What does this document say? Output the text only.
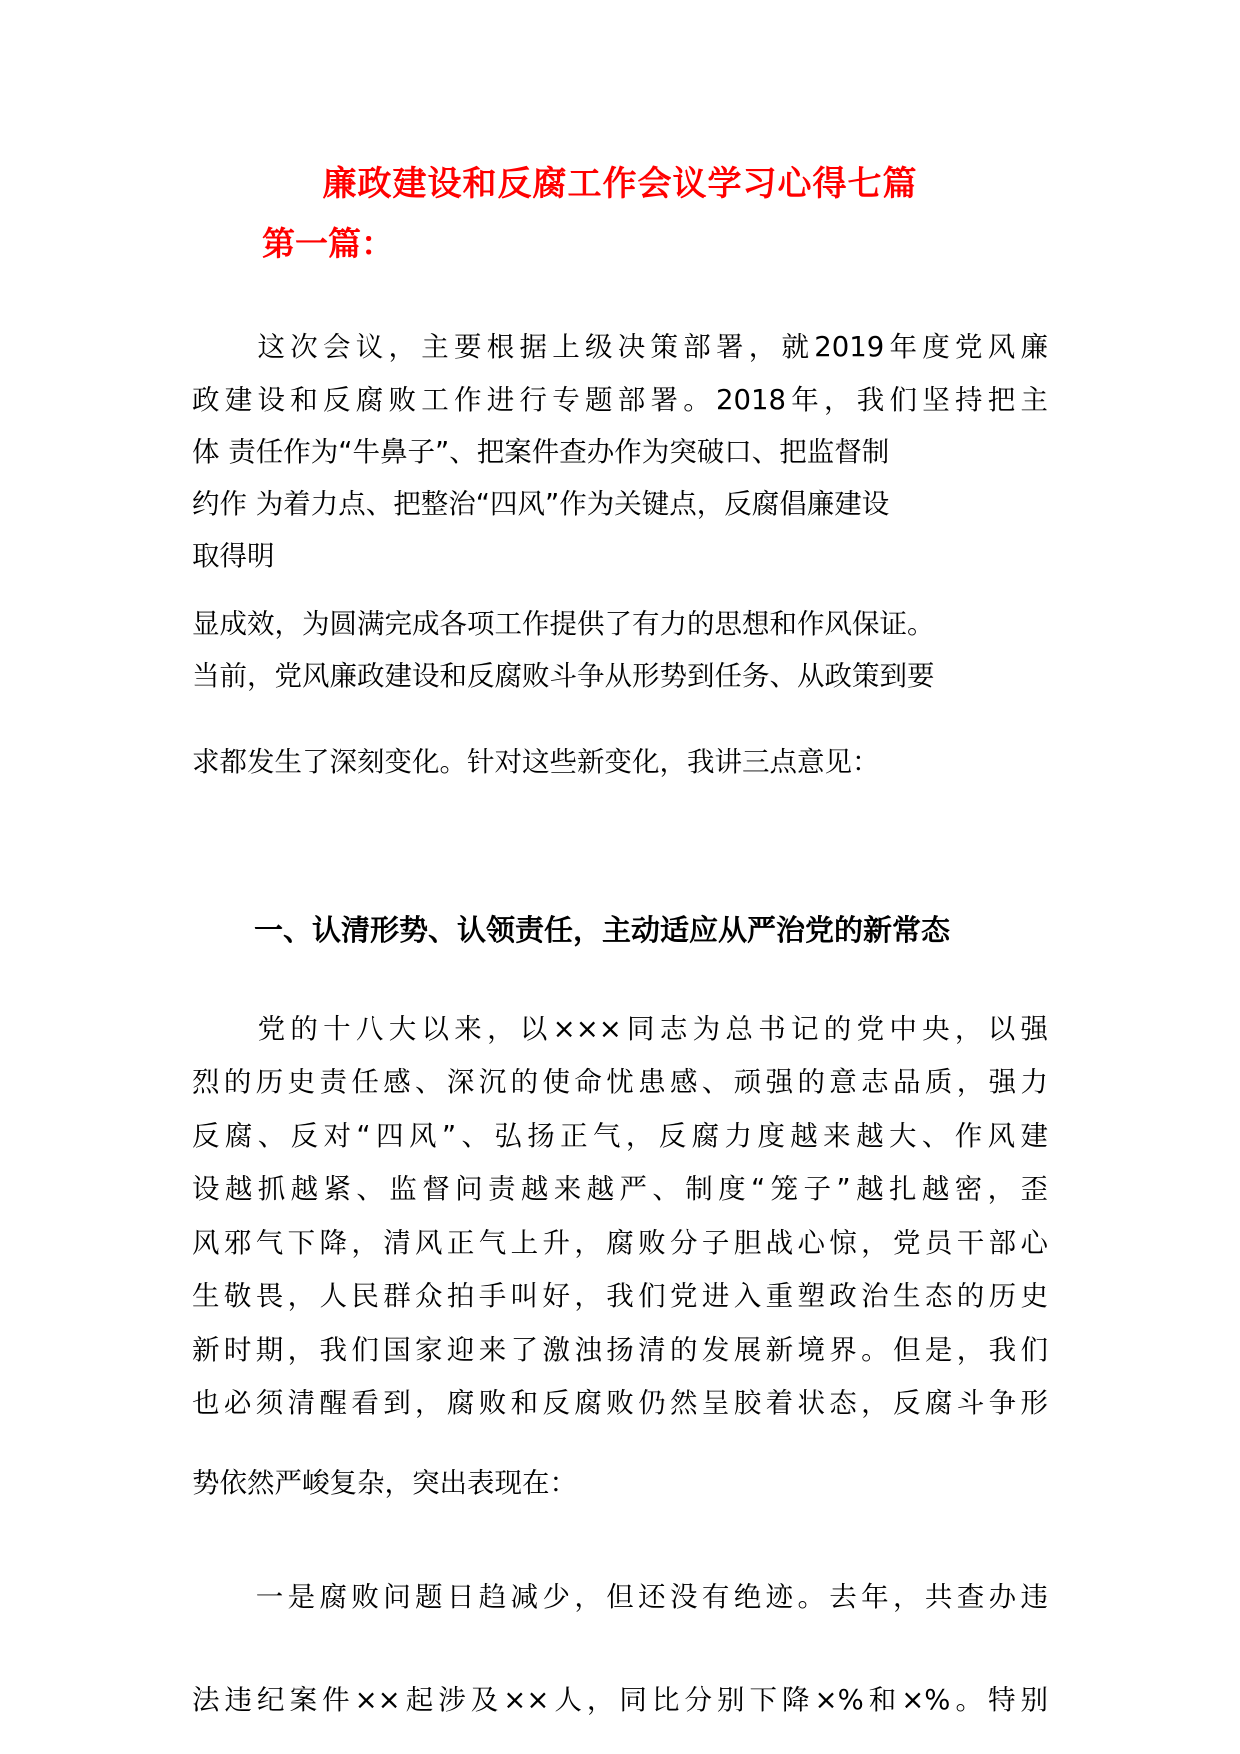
廉政建设和反腐工作会议学习心得七篇
第一篇：
　　这次会议，主要根据上级决策部署，就2019年度党风廉
政建设和反腐败工作进行专题部署。2018年，我们坚持把主
体 责任作为“牛鼻子”、把案件查办作为突破口、把监督制
约作 为着力点、把整治“四风”作为关键点，反腐倡廉建设
取得明
显成效，为圆满完成各项工作提供了有力的思想和作风保证。
当前，党风廉政建设和反腐败斗争从形势到任务、从政策到要
求都发生了深刻变化。针对这些新变化，我讲三点意见：
一、认清形势、认领责任，主动适应从严治党的新常态
　　党的十八大以来，以×××同志为总书记的党中央，以强
烈的历史责任感、深沉的使命忧患感、顽强的意志品质，强力
反腐、反对“四风”、弘扬正气，反腐力度越来越大、作风建
设越抓越紧、监督问责越来越严、制度“笼子”越扎越密，歪
风邪气下降，清风正气上升，腐败分子胆战心惊，党员干部心
生敬畏，人民群众拍手叫好，我们党进入重塑政治生态的历史
新时期，我们国家迎来了激浊扬清的发展新境界。但是，我们
也必须清醒看到，腐败和反腐败仍然呈胶着状态，反腐斗争形
势依然严峻复杂，突出表现在：
　　一是腐败问题日趋减少，但还没有绝迹。去年，共查办违
法违纪案件××起涉及××人，同比分别下降×%和×%。特别
